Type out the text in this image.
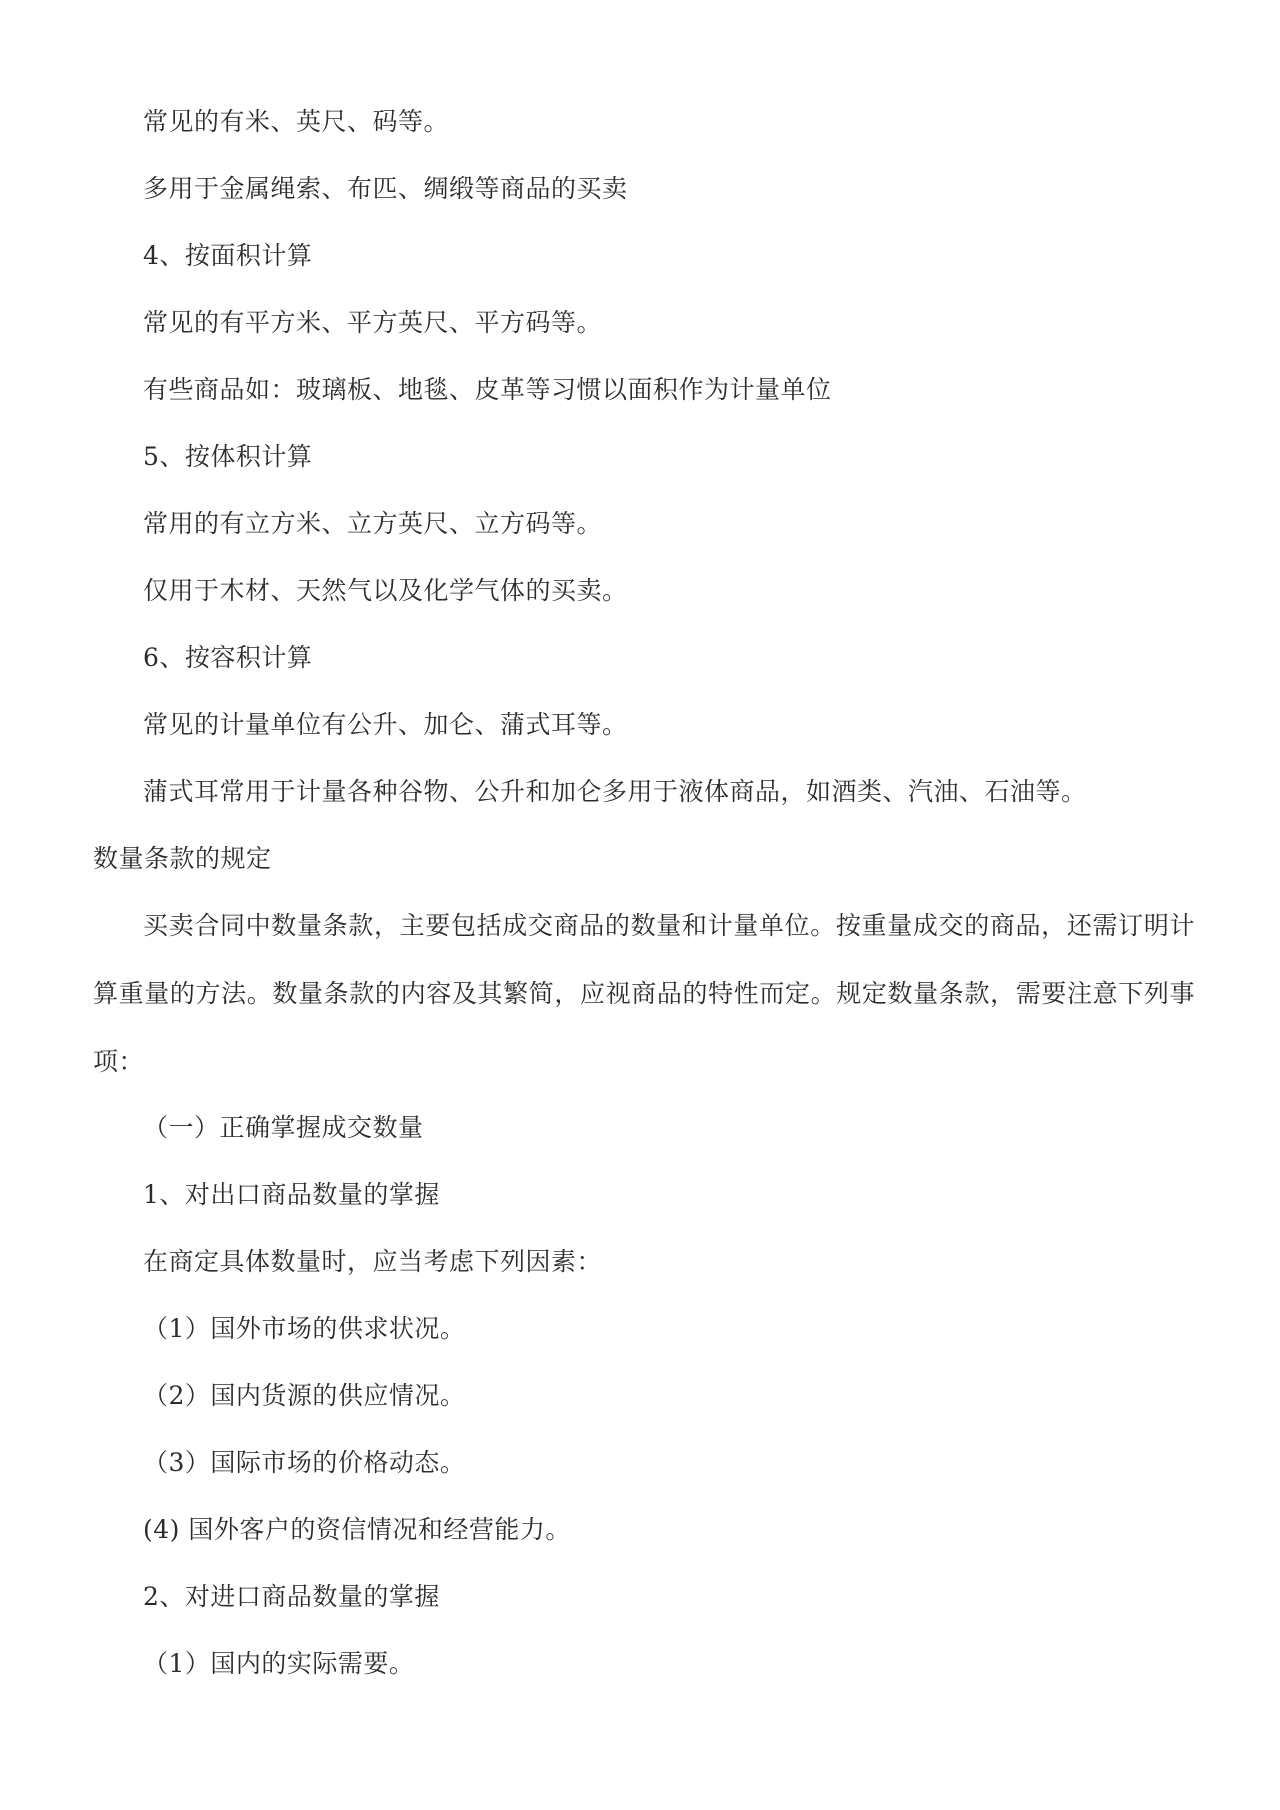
常见的有米、英尺、码等。

多用于金属绳索、布匹、绸缎等商品的买卖

4、按面积计算

常见的有平方米、平方英尺、平方码等。

有些商品如：玻璃板、地毯、皮革等习惯以面积作为计量单位

5、按体积计算

常用的有立方米、立方英尺、立方码等。

仅用于木材、天然气以及化学气体的买卖。

6、按容积计算

常见的计量单位有公升、加仑、蒲式耳等。

蒲式耳常用于计量各种谷物、公升和加仑多用于液体商品，如酒类、汽油、石油等。

数量条款的规定

买卖合同中数量条款，主要包括成交商品的数量和计量单位。按重量成交的商品，还需订明计算重量的方法。数量条款的内容及其繁简，应视商品的特性而定。规定数量条款，需要注意下列事项：

（一）正确掌握成交数量

1、对出口商品数量的掌握

在商定具体数量时，应当考虑下列因素：

（1）国外市场的供求状况。

（2）国内货源的供应情况。

（3）国际市场的价格动态。

(4) 国外客户的资信情况和经营能力。

2、对进口商品数量的掌握

（1）国内的实际需要。
